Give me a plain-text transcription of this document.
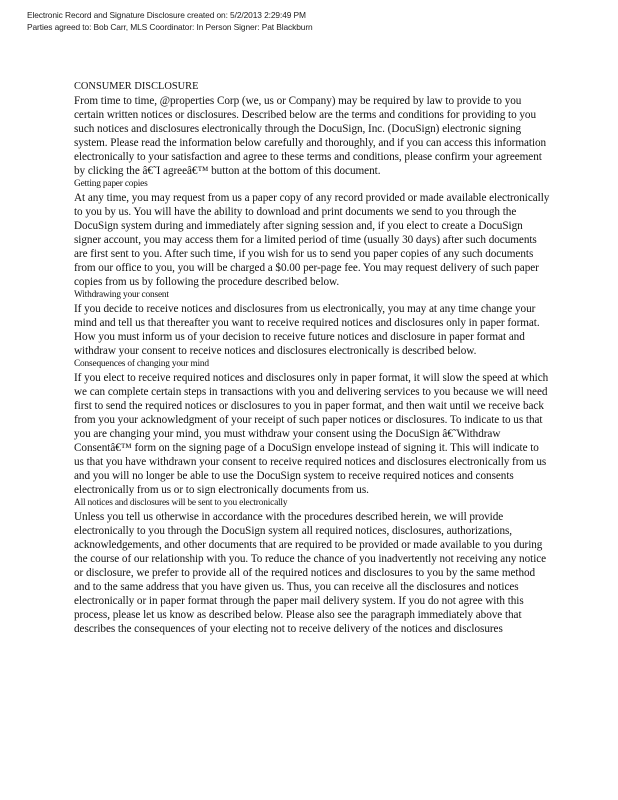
Electronic Record and Signature Disclosure created on: 5/2/2013 2:29:49 PM
Parties agreed to: Bob Carr, MLS Coordinator: In Person Signer: Pat Blackburn
CONSUMER DISCLOSURE

From time to time, @properties Corp (we, us or Company) may be required by law to provide to you certain written notices or disclosures. Described below are the terms and conditions for providing to you such notices and disclosures electronically through the DocuSign, Inc. (DocuSign) electronic signing system. Please read the information below carefully and thoroughly, and if you can access this information electronically to your satisfaction and agree to these terms and conditions, please confirm your agreement by clicking the â€˜I agreeâ€™ button at the bottom of this document.

Getting paper copies

At any time, you may request from us a paper copy of any record provided or made available electronically to you by us. You will have the ability to download and print documents we send to you through the DocuSign system during and immediately after signing session and, if you elect to create a DocuSign signer account, you may access them for a limited period of time (usually 30 days) after such documents are first sent to you. After such time, if you wish for us to send you paper copies of any such documents from our office to you, you will be charged a $0.00 per-page fee. You may request delivery of such paper copies from us by following the procedure described below.

Withdrawing your consent

If you decide to receive notices and disclosures from us electronically, you may at any time change your mind and tell us that thereafter you want to receive required notices and disclosures only in paper format. How you must inform us of your decision to receive future notices and disclosure in paper format and withdraw your consent to receive notices and disclosures electronically is described below.

Consequences of changing your mind

If you elect to receive required notices and disclosures only in paper format, it will slow the speed at which we can complete certain steps in transactions with you and delivering services to you because we will need first to send the required notices or disclosures to you in paper format, and then wait until we receive back from you your acknowledgment of your receipt of such paper notices or disclosures. To indicate to us that you are changing your mind, you must withdraw your consent using the DocuSign â€˜Withdraw Consentâ€™ form on the signing page of a DocuSign envelope instead of signing it. This will indicate to us that you have withdrawn your consent to receive required notices and disclosures electronically from us and you will no longer be able to use the DocuSign system to receive required notices and consents electronically from us or to sign electronically documents from us.

All notices and disclosures will be sent to you electronically

Unless you tell us otherwise in accordance with the procedures described herein, we will provide electronically to you through the DocuSign system all required notices, disclosures, authorizations, acknowledgements, and other documents that are required to be provided or made available to you during the course of our relationship with you. To reduce the chance of you inadvertently not receiving any notice or disclosure, we prefer to provide all of the required notices and disclosures to you by the same method and to the same address that you have given us. Thus, you can receive all the disclosures and notices electronically or in paper format through the paper mail delivery system. If you do not agree with this process, please let us know as described below. Please also see the paragraph immediately above that describes the consequences of your electing not to receive delivery of the notices and disclosures
